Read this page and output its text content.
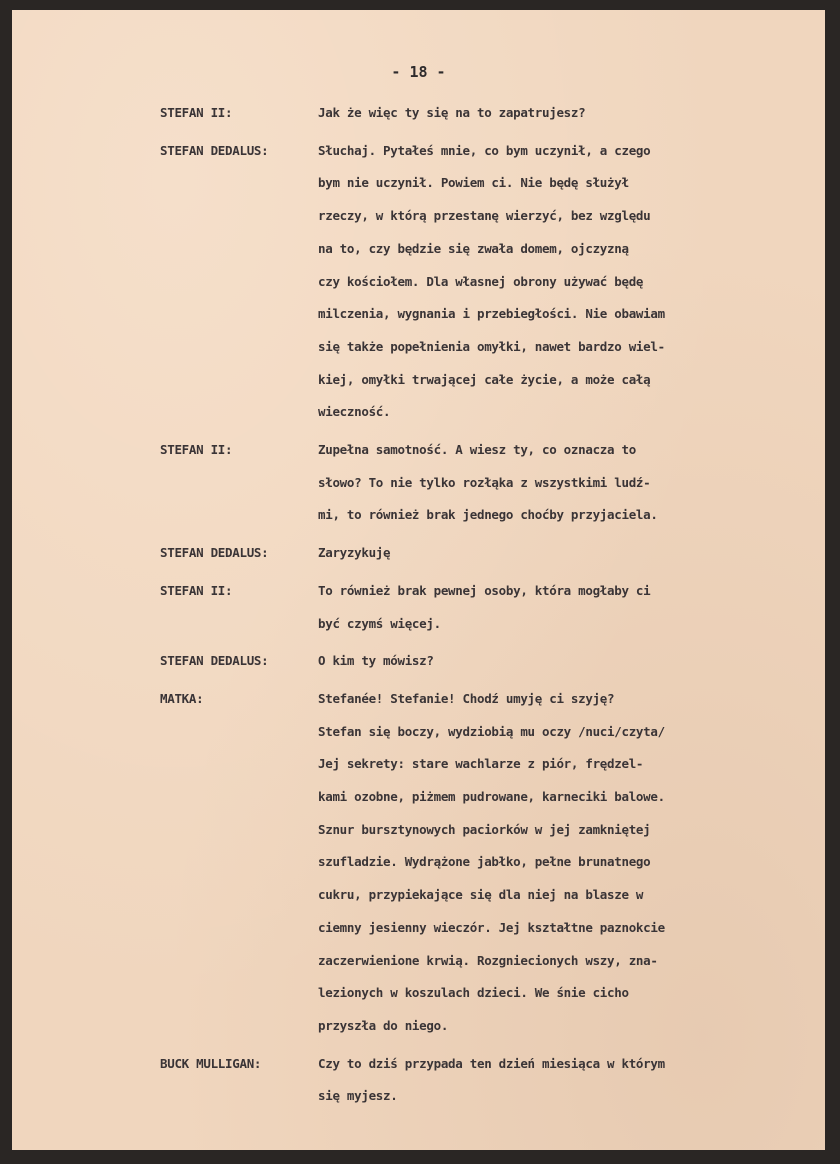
- 18 -
STEFAN II:	Jak że więc ty się na to zapatrujesz?
STEFAN DEDALUS:	Słuchaj. Pytałeś mnie, co bym uczynił, a czego
bym nie uczynił. Powiem ci. Nie będę służył
rzeczy, w którą przestanę wierzyć, bez względu
na to, czy będzie się zwała domem, ojczyzną
czy kościołem. Dla własnej obrony używać będę
milczenia, wygnania i przebiegłości. Nie obawiam
się także popełnienia omyłki, nawet bardzo wiel-
kiej, omyłki trwającej całe życie, a może całą
wieczność.
STEFAN II:	Zupełna samotność. A wiesz ty, co oznacza to
słowo? To nie tylko rozłąka z wszystkimi ludź-
mi, to również brak jednego choćby przyjaciela.
STEFAN DEDALUS:	Zaryzykuję
STEFAN II:	To również brak pewnej osoby, która mogłaby ci
być czymś więcej.
STEFAN DEDALUS:	O kim ty mówisz?
MATKA:	Stefanée! Stefanie! Chodź umyję ci szyję?
Stefan się boczy, wydziobią mu oczy /nuci/czyta/
Jej sekrety: stare wachlarze z piór, frędzel-
kami ozobne, piżmem pudrowane, karneciki balowe.
Sznur bursztynowych paciorków w jej zamkniętej
szufladzie. Wydrążone jabłko, pełne brunatnego
cukru, przypiekające się dla niej na blasze w
ciemny jesienny wieczór. Jej kształtne paznokcie
zaczerwienione krwią. Rozgniecionych wszy, zna-
lezionych w koszulach dzieci. We śnie cicho
przyszła do niego.
BUCK MULLIGAN:	Czy to dziś przypada ten dzień miesiąca w którym
się myjesz.
